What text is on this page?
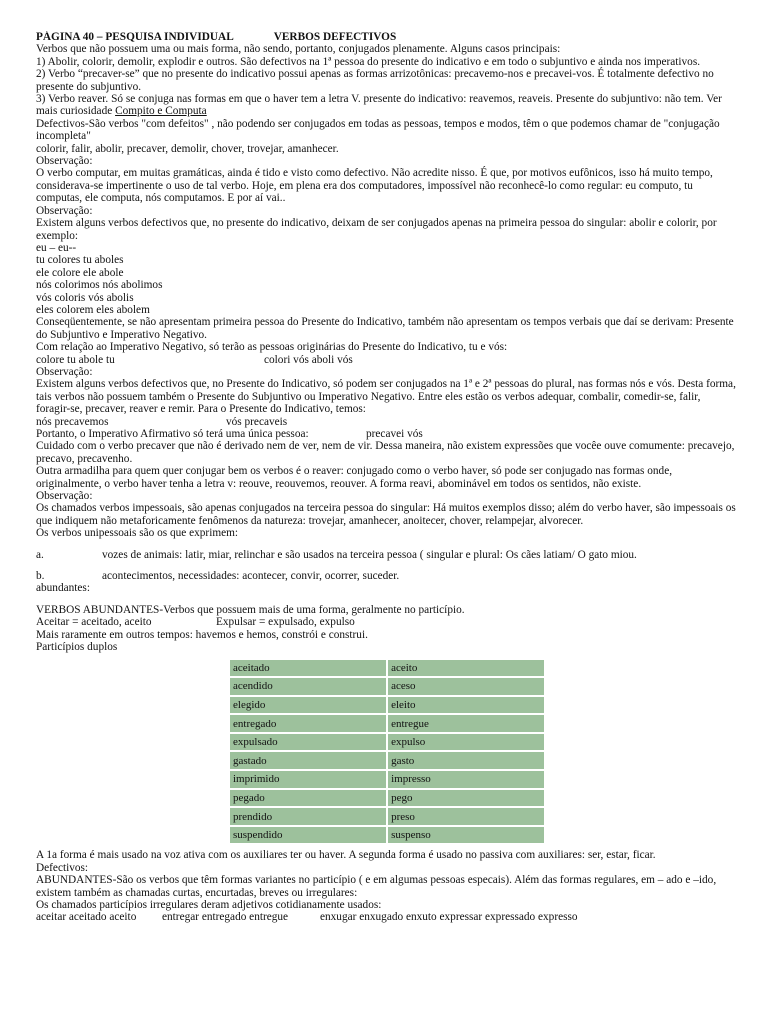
PÁGINA 40 – PESQUISA INDIVIDUAL	VERBOS DEFECTIVOS
Verbos que não possuem uma ou mais forma, não sendo, portanto, conjugados plenamente. Alguns casos principais:
1) Abolir, colorir, demolir, explodir e outros. São defectivos na 1ª pessoa do presente do indicativo e em todo o subjuntivo e ainda nos imperativos.
2) Verbo “precaver-se” que no presente do indicativo possui apenas as formas arrizotônicas: precavemo-nos e precavei-vos. É totalmente defectivo no presente do subjuntivo.
3) Verbo reaver. Só se conjuga nas formas em que o haver tem a letra V. presente do indicativo: reavemos, reaveis. Presente do subjuntivo: não tem. Ver mais curiosidade Compito e Computa
Defectivos-São verbos "com defeitos" , não podendo ser conjugados em todas as pessoas, tempos e modos, têm o que podemos chamar de "conjugação incompleta"
colorir, falir, abolir, precaver, demolir, chover, trovejar, amanhecer.
Observação:
O verbo computar, em muitas gramáticas, ainda é tido e visto como defectivo. Não acredite nisso. É que, por motivos eufônicos, isso há muito tempo, considerava-se impertinente o uso de tal verbo. Hoje, em plena era dos computadores, impossível não reconhecê-lo como regular: eu computo, tu computas, ele computa, nós computamos. E por aí vai..
Observação:
Existem alguns verbos defectivos que, no presente do indicativo, deixam de ser conjugados apenas na primeira pessoa do singular: abolir e colorir, por exemplo:
eu – eu--
tu colores tu aboles
ele colore ele abole
nós colorimos nós abolimos
vós coloris vós abolis
eles colorem eles abolem
Conseqüentemente, se não apresentam primeira pessoa do Presente do Indicativo, também não apresentam os tempos verbais que daí se derivam: Presente do Subjuntivo e Imperativo Negativo.
Com relação ao Imperativo Negativo, só terão as pessoas originárias do Presente do Indicativo, tu e vós:
colore tu abole tu	colori vós aboli vós
Observação:
Existem alguns verbos defectivos que, no Presente do Indicativo, só podem ser conjugados na 1ª e 2ª pessoas do plural, nas formas nós e vós. Desta forma, tais verbos não possuem também o Presente do Subjuntivo ou Imperativo Negativo. Entre eles estão os verbos adequar, combalir, comedir-se, falir, foragir-se, precaver, reaver e remir. Para o Presente do Indicativo, temos:
nós precavemos	vós precaveis
Portanto, o Imperativo Afirmativo só terá uma única pessoa:	precavei vós
Cuidado com o verbo precaver que não é derivado nem de ver, nem de vir. Dessa maneira, não existem expressões que vocêe ouve comumente: precavejo, precavo, precavenho.
Outra armadilha para quem quer conjugar bem os verbos é o reaver: conjugado como o verbo haver, só pode ser conjugado nas formas onde, originalmente, o verbo haver tenha a letra v: reouve, reouvemos, reouver. A forma reavi, abominável em todos os sentidos, não existe.
Observação:
Os chamados verbos impessoais, são apenas conjugados na terceira pessoa do singular: Há muitos exemplos disso; além do verbo haver, são impessoais os que indiquem não metaforicamente fenômenos da natureza: trovejar, amanhecer, anoitecer, chover, relampejar, alvorecer.
Os verbos unipessoais são os que exprimem:
a.	vozes de animais: latir, miar, relinchar e são usados na terceira pessoa ( singular e plural: Os cães latiam/ O gato miou.
b.	acontecimentos, necessidades: acontecer, convir, ocorrer, suceder.
abundantes:
VERBOS ABUNDANTES-Verbos que possuem mais de uma forma, geralmente no particípio.
Aceitar = aceitado, aceito	Expulsar = expulsado, expulso
Mais raramente em outros tempos: havemos e hemos, constrói e construi.
Particípios duplos
aceitado	aceito
acendido	aceso
elegido	eleito
entregado	entregue
expulsado	expulso
gastado	gasto
imprimido	impresso
pegado	pego
prendido	preso
suspendido	suspenso
A 1a forma é mais usado na voz ativa com os auxiliares ter ou haver. A segunda forma é usado no passiva com auxiliares: ser, estar, ficar.
Defectivos:
ABUNDANTES-São os verbos que têm formas variantes no particípio ( e em algumas pessoas especais). Além das formas regulares, em – ado e –ido, existem também as chamadas curtas, encurtadas, breves ou irregulares:
Os chamados particípios irregulares deram adjetivos cotidianamente usados:
aceitar aceitado aceito entregar entregado entregue	enxugar enxugado enxuto expressar expressado expresso
